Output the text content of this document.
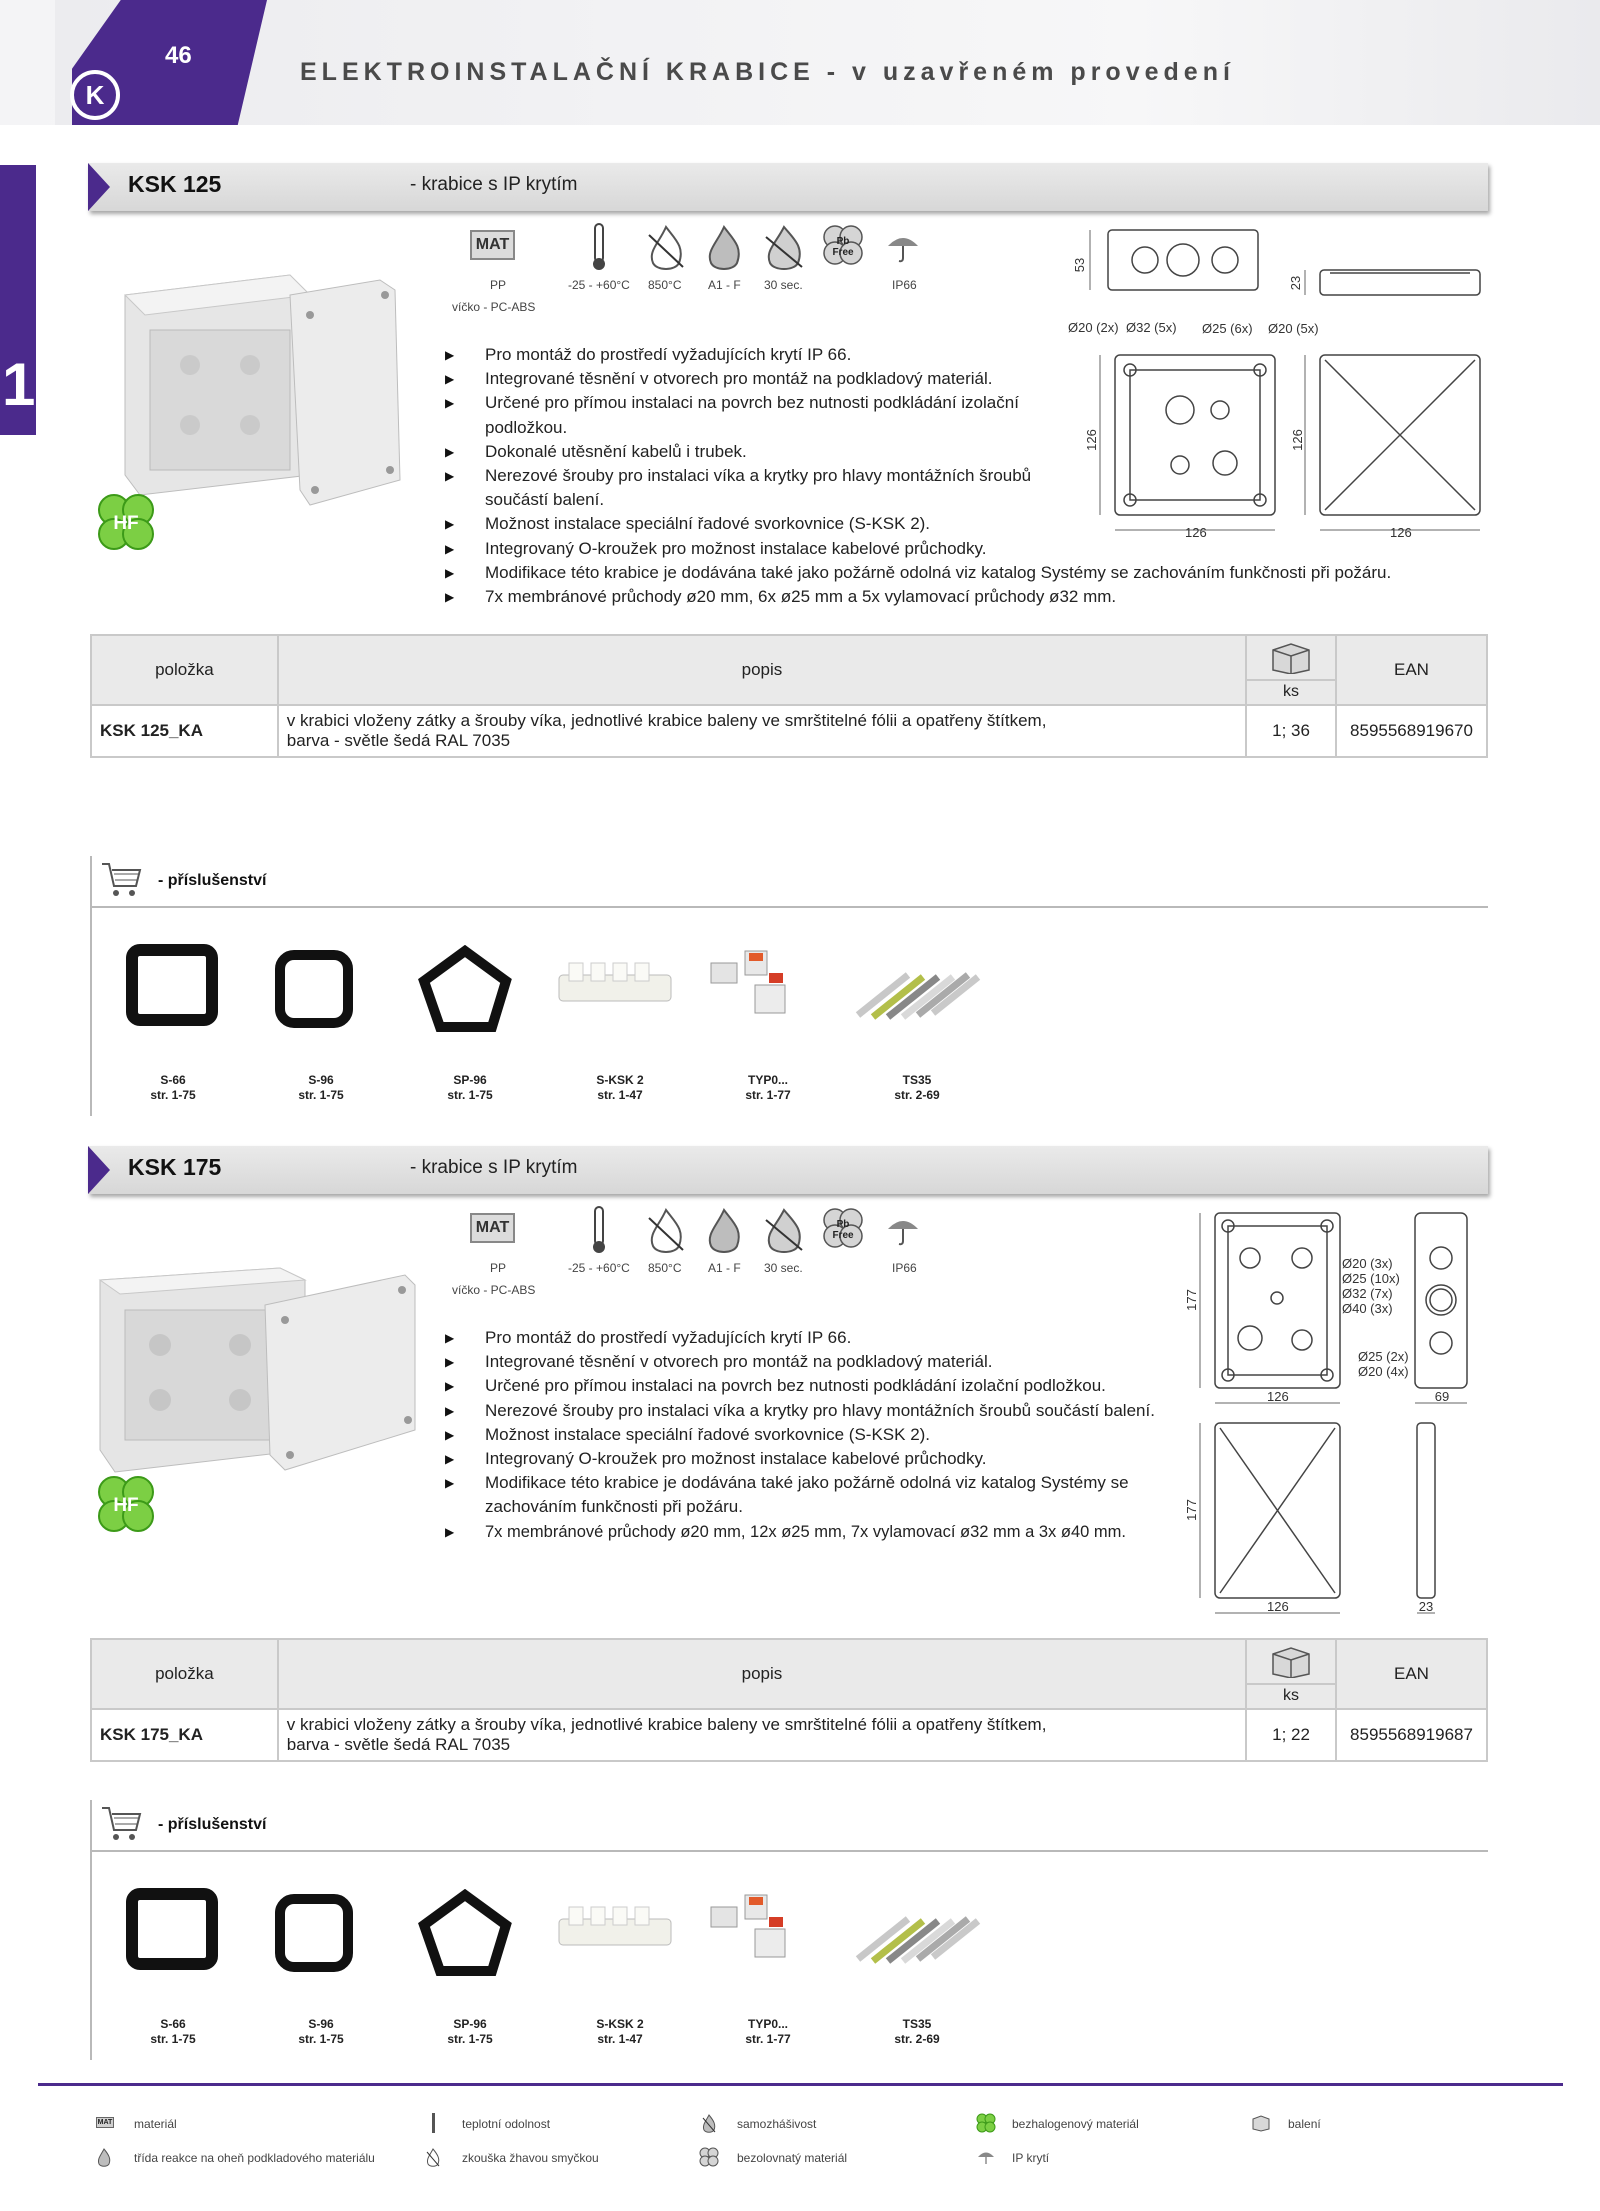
K
46
ELEKTROINSTALAČNÍ KRABICE - v uzavřeném provedení
1
KSK 125	- krabice s IP krytím
HF
MAT	Pb
Free
PP	-25 - +60°C 850°C A1 - F 30 sec.	IP66
víčko - PC-ABS
▶ Pro montáž do prostředí vyžadujících krytí IP 66.
▶ Integrované těsnění v otvorech pro montáž na podkladový materiál.
▶ Určené pro přímou instalaci na povrch bez nutnosti podkládání izolační podložkou.
▶ Dokonalé utěsnění kabelů i trubek.
▶ Nerezové šrouby pro instalaci víka a krytky pro hlavy montážních šroubů součástí balení.
▶ Možnost instalace speciální řadové svorkovnice (S-KSK 2).
▶ Integrovaný O-kroužek pro možnost instalace kabelové průchodky.
▶ Modifikace této krabice je dodávána také jako požárně odolná viz katalog Systémy se zachováním funkčnosti při požáru.
▶ 7x membránové průchody ø20 mm, 6x ø25 mm a 5x vylamovací průchody ø32 mm.
53
23
Ø20 (2x) Ø32 (5x) Ø25 (6x) Ø20 (5x)
126	126
126	126
položka	popis	ks	EAN
KSK 125_KA	v krabici vloženy zátky a šrouby víka, jednotlivé krabice baleny ve smrštitelné fólii a opatřeny štítkem,
barva - světle šedá RAL 7035	1; 36	8595568919670
- příslušenství
S-66
str. 1-75
S-96
str. 1-75
SP-96
str. 1-75
S-KSK 2
str. 1-47
TYP0...
str. 1-77
TS35
str. 2-69
KSK 175	- krabice s IP krytím
HF
MAT	Pb
Free
PP	-25 - +60°C 850°C A1 - F 30 sec.	IP66
víčko - PC-ABS
▶ Pro montáž do prostředí vyžadujících krytí IP 66.
▶ Integrované těsnění v otvorech pro montáž na podkladový materiál.
▶ Určené pro přímou instalaci na povrch bez nutnosti podkládání izolační podložkou.
▶ Nerezové šrouby pro instalaci víka a krytky pro hlavy montážních šroubů součástí balení.
▶ Možnost instalace speciální řadové svorkovnice (S-KSK 2).
▶ Integrovaný O-kroužek pro možnost instalace kabelové průchodky.
▶ Modifikace této krabice je dodávána také jako požárně odolná viz katalog Systémy se zachováním funkčnosti při požáru.
▶ 7x membránové průchody ø20 mm, 12x ø25 mm, 7x vylamovací ø32 mm a 3x ø40 mm.
177
177
126
126
69
23
Ø20 (3x)
Ø25 (10x)
Ø32 (7x)
Ø40 (3x)
Ø25 (2x)
Ø20 (4x)
položka	popis	ks	EAN
KSK 175_KA	v krabici vloženy zátky a šrouby víka, jednotlivé krabice baleny ve smrštitelné fólii a opatřeny štítkem,
barva - světle šedá RAL 7035	1; 22	8595568919687
- příslušenství
S-66
str. 1-75
S-96
str. 1-75
SP-96
str. 1-75
S-KSK 2
str. 1-47
TYP0...
str. 1-77
TS35
str. 2-69
MAT materiál	teplotní odolnost	samozhášivost	bezhalogenový materiál	balení
třída reakce na oheň podkladového materiálu	zkouška žhavou smyčkou	bezolovnatý materiál	IP krytí
